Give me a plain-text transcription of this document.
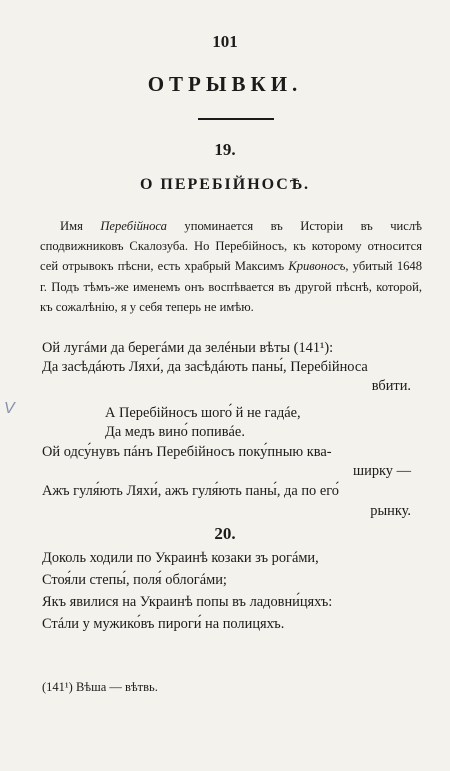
101
ОТРЫВКИ.
19.
О ПЕРЕБІЙНОСѢ.

Имя Перебійноса упоминается въ Исторіи въ числѣ сподвижниковъ Скалозуба. Но Перебійносъ, къ которому относится сей отрывокъ пѣсни, есть храбрый Максимъ Кривоносъ, убитый 1648 г. Подъ тѣмъ-же именемъ онъ воспѣвается въ другой пѣснѣ, которой, къ сожалѣнію, я у себя теперь не имѣю.

V
Ой лугáми да берегáми да зелéныи вѣты (141¹):
Да засѣдáють Ляхи́, да засѣдáють паны́, Перебійноса
вбити.
А Перебійносъ шого́ й не гадáе,
Да медъ вино́ попивáе.
Ой одсу́нувъ пáнъ Перебійносъ поку́пныю ква-
ширку —
Ажъ гуля́ють Ляхи́, ажъ гуля́ють паны́, да по его́
рынку.
20.
Доколь ходили по Украинѣ козаки зъ рогáми,
Стоя́ли степы́, поля́ облогáми;
Якъ явилися на Украинѣ попы въ ладовни́цяхъ:
Стáли у мужико́въ пироги́ на полицяхъ.
(141¹) Вѣша — вѣтвь.
